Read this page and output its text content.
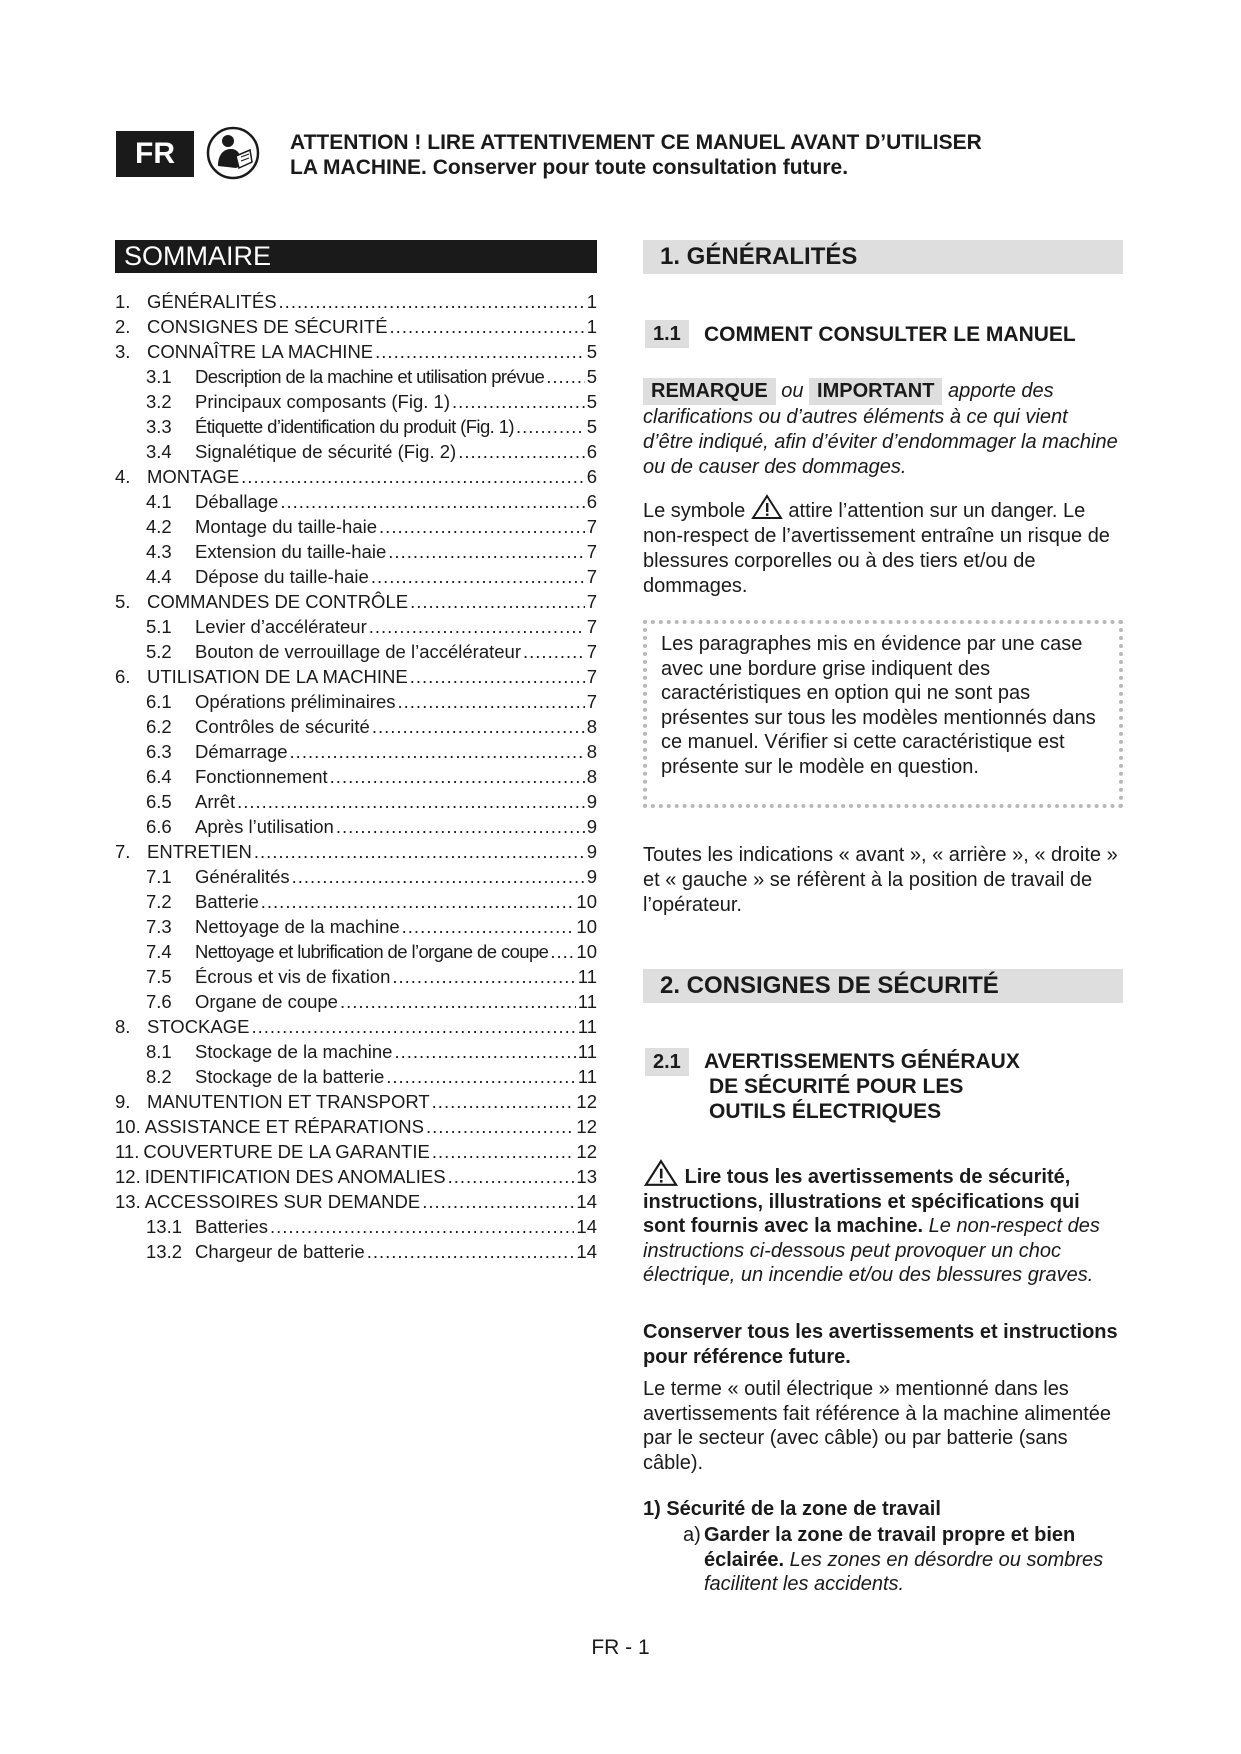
FR	ATTENTION ! LIRE ATTENTIVEMENT CE MANUEL AVANT D’UTILISER
LA MACHINE. Conserver pour toute consultation future.
SOMMAIRE
1. GÉNÉRALITÉS .....	1
2. CONSIGNES DE SÉCURITÉ .....	1
3. CONNAÎTRE LA MACHINE .....	5
3.1	Description de la machine et utilisation prévue ..... 5
3.2	Principaux composants (Fig. 1) .....	5
3.3	Étiquette d’identification du produit (Fig. 1) .....	5
3.4	Signalétique de sécurité (Fig. 2) .....	6
4. MONTAGE .....	6
4.1	Déballage .....	6
4.2	Montage du taille-haie .....	7
4.3	Extension du taille-haie .....	7
4.4	Dépose du taille-haie .....	7
5. COMMANDES DE CONTRÔLE .....	7
5.1	Levier d’accélérateur .....	7
5.2	Bouton de verrouillage de l’accélérateur .....	7
6. UTILISATION DE LA MACHINE .....	7
6.1	Opérations préliminaires .....	7
6.2	Contrôles de sécurité .....	8
6.3	Démarrage .....	8
6.4	Fonctionnement .....	8
6.5	Arrêt .....	9
6.6	Après l’utilisation .....	9
7. ENTRETIEN .....	9
7.1	Généralités .....	9
7.2	Batterie .....	10
7.3	Nettoyage de la machine .....	10
7.4	Nettoyage et lubrification de l’organe de coupe ..... 10
7.5	Écrous et vis de fixation .....	11
7.6	Organe de coupe .....	11
8. STOCKAGE .....	11
8.1	Stockage de la machine .....	11
8.2	Stockage de la batterie .....	11
9. MANUTENTION ET TRANSPORT .....	12
10. ASSISTANCE ET RÉPARATIONS .....	12
11. COUVERTURE DE LA GARANTIE .....	12
12. IDENTIFICATION DES ANOMALIES .....	13
13. ACCESSOIRES SUR DEMANDE .....	14
13.1 Batteries .....	14
13.2 Chargeur de batterie .....	14
1. GÉNÉRALITÉS
1.1	COMMENT CONSULTER LE MANUEL
REMARQUE ou IMPORTANT apporte des clarifications ou d’autres éléments à ce qui vient d’être indiqué, afin d’éviter d’endommager la machine ou de causer des dommages.
Le symbole attire l’attention sur un danger. Le non-respect de l’avertissement entraîne un risque de blessures corporelles ou à des tiers et/ou de dommages.
Les paragraphes mis en évidence par une case avec une bordure grise indiquent des caractéristiques en option qui ne sont pas présentes sur tous les modèles mentionnés dans ce manuel. Vérifier si cette caractéristique est présente sur le modèle en question.
Toutes les indications « avant », « arrière », « droite » et « gauche » se réfèrent à la position de travail de l’opérateur.
2. CONSIGNES DE SÉCURITÉ
2.1	AVERTISSEMENTS GÉNÉRAUX
DE SÉCURITÉ POUR LES
OUTILS ÉLECTRIQUES
Lire tous les avertissements de sécurité, instructions, illustrations et spécifications qui sont fournis avec la machine. Le non-respect des instructions ci-dessous peut provoquer un choc électrique, un incendie et/ou des blessures graves.
Conserver tous les avertissements et instructions pour référence future.
Le terme « outil électrique » mentionné dans les avertissements fait référence à la machine alimentée par le secteur (avec câble) ou par batterie (sans câble).
1) Sécurité de la zone de travail
a) Garder la zone de travail propre et bien éclairée. Les zones en désordre ou sombres facilitent les accidents.
FR - 1
